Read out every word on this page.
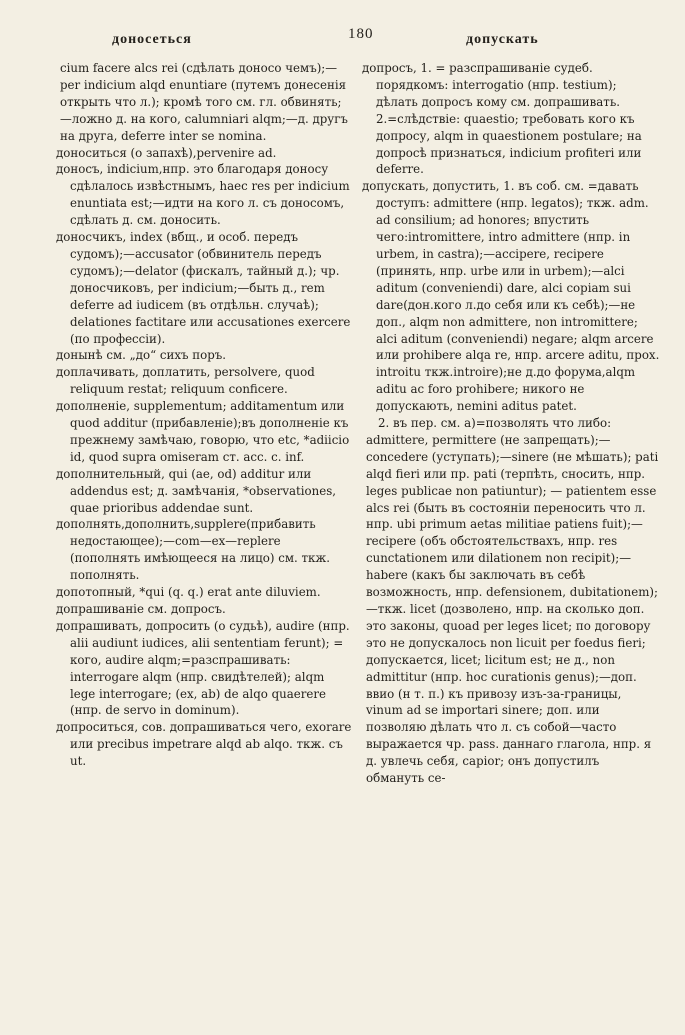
доносеться	180	допускать

cium facere alcs rei (сдѣлать доносo чемъ);—per indicium alqd enuntiare (путемъ донесенія открыть что л.); кромѣ того см. гл. обвинять;—ложно д. на кого, calumniari alqm;—д. другъ на друга, deferre inter se nomina.

доноситься (о запахѣ),pervenire ad.

доносъ, indicium,нпр. это благодаря доносу сдѣлалось извѣстнымъ, haec res per indicium enuntiata est;—идти на кого л. съ доносомъ, сдѣлать д. см. доносить.

доносчикъ, index (вбщ., и особ. передъ судомъ);—accusator (обвинитель передъ судомъ);—delator (фискалъ, тайный д.); чр. доносчиковъ, per indicium;—быть д., rem deferre ad iudicem (въ отдѣльн. случаѣ); delationes factitare или accusationes exercere (по профессіи).

донынѣ см. „до“ сихъ поръ.

доплачивать, доплатить, persolvere, quod reliquum restat; reliquum conficere.

дополненіе, supplementum; additamentum или quod additur (прибавленіе);въ дополненіе къ прежнему замѣчаю, говорю, что etc, *adiicio id, quod supra omiseram cт. acc. c. inf.

дополнительный, qui (ae, od) additur или addendus est; д. замѣчанія, *observationes, quae prioribus addendae sunt.

дополнять,дополнить,supplere(прибавить недостающее);—com—ex—replere (пополнять имѣющееся на лицо) см. ткж. пополнять.

допотопный, *qui (q. q.) erat ante diluviem.

допрашиваніе см. допросъ.

допрашивать, допросить (о судьѣ), audire (нпр. alii audiunt iudices, alii sententiam ferunt); = кого, audire alqm;=разспрашивать: interrogare alqm (нпр. свидѣтелей); alqm lege interrogare; (ex, ab) de alqo quaerere (нпр. de servo in dominum).

допроситься, сов. допрашиваться чего, exorare или precibus impetrare alqd ab alqo. ткж. съ ut.

допросъ, 1. = разспрашиваніе судеб. порядкомъ: interrogatio (нпр. testium); дѣлать допросъ кому см. допрашивать. 2.=слѣдствіе: quaestio; требовать кого къ допросу, alqm in quaestionem postulare; на допросѣ признаться, indicium profiteri или deferre.

допускать, допустить, 1. въ соб. см. =давать доступъ: admittere (нпр. legatos); ткж. adm. ad consilium; ad honores; впустить чего:intromittere, intro admittere (нпр. in urbem, in castra);—accipere, recipere (принять, нпр. urbe или in urbem);—alci aditum (conveniendi) dare, alci copiam sui dare(дон.кого л.до себя или къ себѣ);—не доп., alqm non admittere, non intromittere; alci aditum (conveniendi) negare; alqm arcere или prohibere alqa re, нпр. arcere aditu, прох. introitu ткж.introire);не д.до форума,alqm aditu ac foro prohibere; никого не допускають, nemini aditus patet.

2. въ пер. см. a)=позволять что либо: admittere, permittere (не запрещать);—concedere (уступать);—sinere (не мѣшать); pati alqd fieri или пр. pati (терпѣть, сносить, нпр. leges publicae non patiuntur); — patientem esse alcs rei (быть въ состояніи переносить что л. нпр. ubi primum aetas militiae patiens fuit);—recipere (объ обстоятельствахъ, нпр. res cunctationem или dilationem non recipit);—habere (какъ бы заключать въ себѣ возможность, нпр. defensionem, dubitationem);—ткж. licet (дозволено, нпр. на сколько доп. это законы, quoad per leges licet; по договору это не допускалось non licuit per foedus fieri; допускается, licet; licitum est; не д., non admittitur (нпр. hoc curationis genus);—доп. ввио (н т. п.) къ привозу изъ-за-границы, vinum ad se importari sinere; доп. или позволяю дѣлать что л. съ собой—часто выражается чр. pass. даннаго глагола, нпр. я д. увлечь себя, capior; онъ допустилъ обмануть се-
